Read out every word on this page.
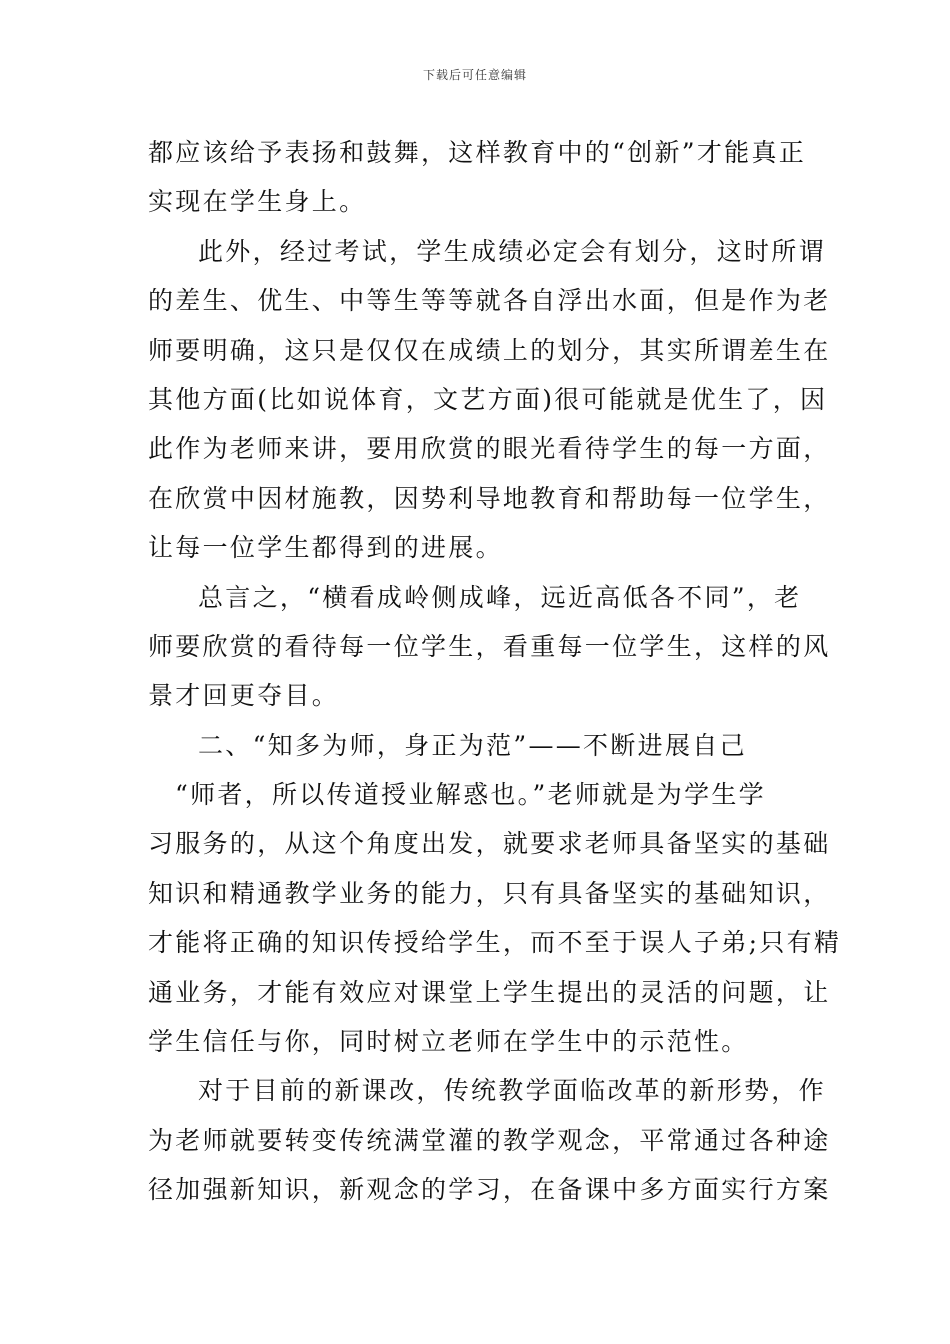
下载后可任意编辑
都应该给予表扬和鼓舞，这样教育中的“创新”才能真正
实现在学生身上。
此外，经过考试，学生成绩必定会有划分，这时所谓
的差生、优生、中等生等等就各自浮出水面，但是作为老
师要明确，这只是仅仅在成绩上的划分，其实所谓差生在
其他方面(比如说体育，文艺方面)很可能就是优生了，因
此作为老师来讲，要用欣赏的眼光看待学生的每一方面，
在欣赏中因材施教，因势利导地教育和帮助每一位学生，
让每一位学生都得到的进展。
总言之，“横看成岭侧成峰，远近高低各不同”，老
师要欣赏的看待每一位学生，看重每一位学生，这样的风
景才回更夺目。
二、“知多为师，身正为范”——不断进展自己
“师者，所以传道授业解惑也。”老师就是为学生学
习服务的，从这个角度出发，就要求老师具备坚实的基础
知识和精通教学业务的能力，只有具备坚实的基础知识，
才能将正确的知识传授给学生，而不至于误人子弟;只有精
通业务，才能有效应对课堂上学生提出的灵活的问题，让
学生信任与你，同时树立老师在学生中的示范性。
对于目前的新课改，传统教学面临改革的新形势，作
为老师就要转变传统满堂灌的教学观念，平常通过各种途
径加强新知识，新观念的学习，在备课中多方面实行方案
